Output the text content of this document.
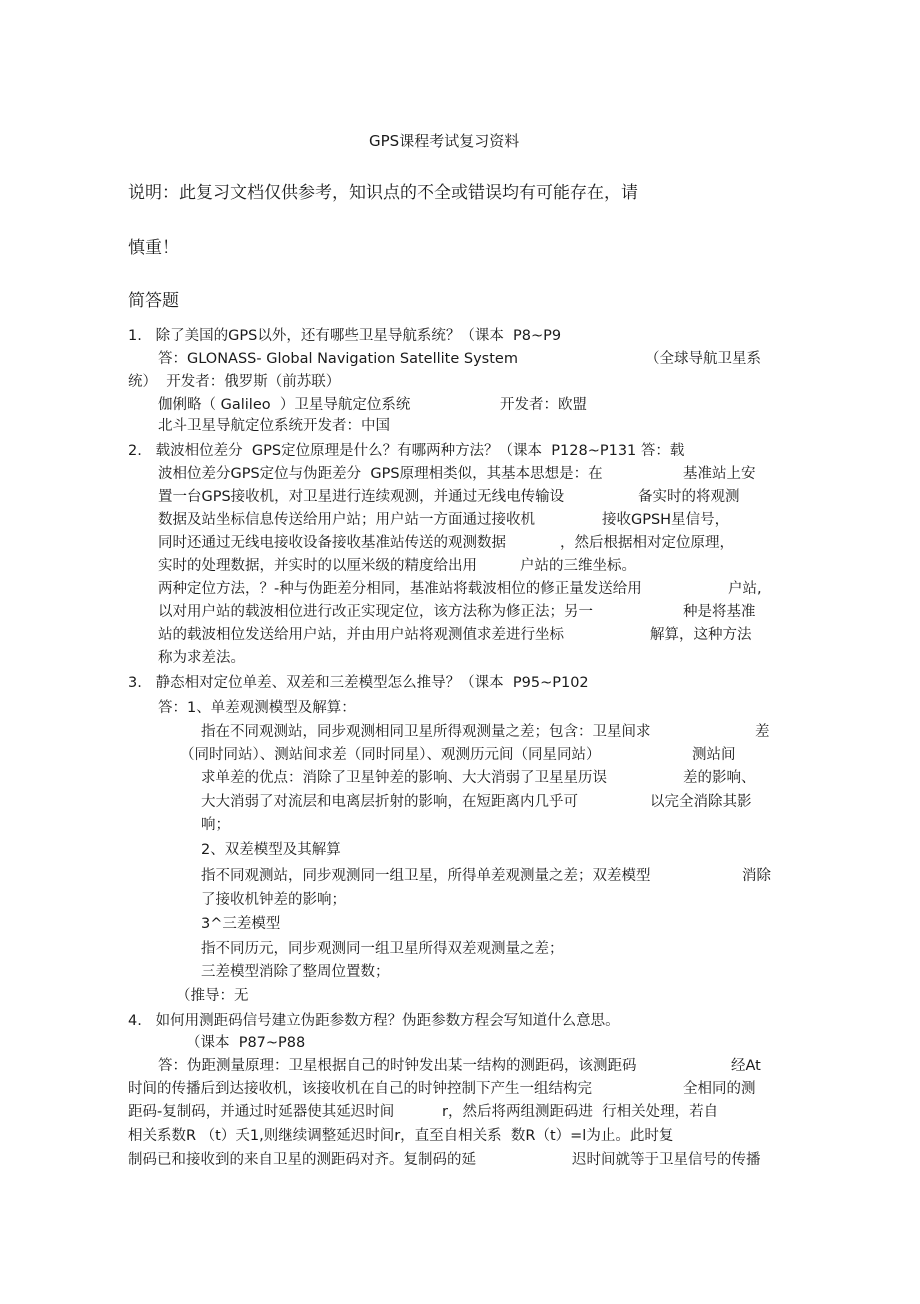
GPS课程考试复习资料
说明：此复习文档仅供参考，知识点的不全或错误均有可能存在，请
慎重！
简答题
1.   除了美国的GPS以外，还有哪些卫星导航系统？（课本  P8~P9
答：GLONASS- Global Navigation Satellite System	（全球导航卫星系
统）  开发者：俄罗斯（前苏联）
伽俐略（ Galileo  ）卫星导航定位系统	开发者：欧盟
北斗卫星导航定位系统开发者：中国
2.   载波相位差分  GPS定位原理是什么？有哪两种方法？（课本  P128~P131 答：载
波相位差分GPS定位与伪距差分  GPS原理相类似，其基本思想是：在	基准站上安
置一台GPS接收机，对卫星进行连续观测，并通过无线电传输设	备实时的将观测
数据及站坐标信息传送给用户站；用户站一方面通过接收机	接收GPSH星信号，
同时还通过无线电接收设备接收基准站传送的观测数据	，然后根据相对定位原理，
实时的处理数据，并实时的以厘米级的精度给出用	户站的三维坐标。
两种定位方法，？-种与伪距差分相同，基准站将载波相位的修正量发送给用	户站,
以对用户站的载波相位进行改正实现定位，该方法称为修正法；另一	种是将基准
站的载波相位发送给用户站，并由用户站将观测值求差进行坐标	解算，这种方法
称为求差法。
3.   静态相对定位单差、双差和三差模型怎么推导？（课本  P95~P102
答：1、单差观测模型及解算：
指在不同观测站，同步观测相同卫星所得观测量之差；包含：卫星间求	差
（同时同站）、测站间求差（同时同星）、观测历元间（同星同站）	测站间
求单差的优点：消除了卫星钟差的影响、大大消弱了卫星星历误	差的影响、
大大消弱了对流层和电离层折射的影响，在短距离内几乎可	以完全消除其影
响；
2、双差模型及其解算
指不同观测站，同步观测同一组卫星，所得单差观测量之差；双差模型	消除
了接收机钟差的影响；
3^三差模型
指不同历元，同步观测同一组卫星所得双差观测量之差；
三差模型消除了整周位置数；
（推导：无
4.   如何用测距码信号建立伪距参数方程？伪距参数方程会写知道什么意思。
（课本  P87~P88
答：伪距测量原理：卫星根据自己的时钟发出某一结构的测距码，该测距码	经At
时间的传播后到达接收机，该接收机在自己的时钟控制下产生一组结构完	全相同的测
距码-复制码，并通过时延器使其延迟时间	r，然后将两组测距码进  行相关处理，若自
相关系数R （t）夭1,则继续调整延迟时间r，直至自相关系  数R（t）=l为止。此时复
制码已和接收到的来自卫星的测距码对齐。复制码的延	迟时间就等于卫星信号的传播
